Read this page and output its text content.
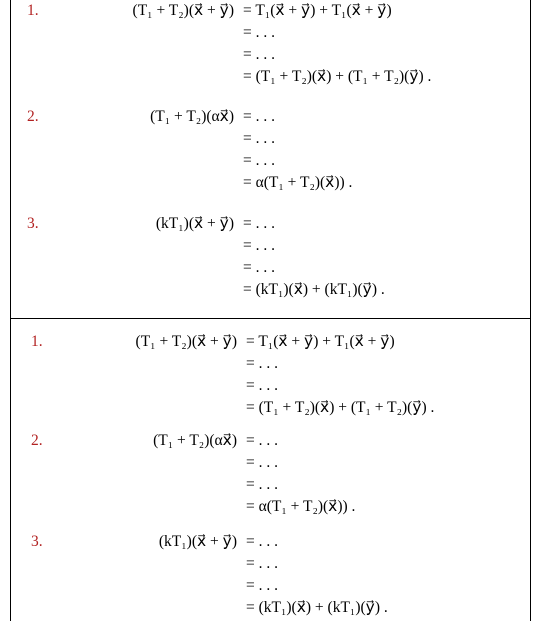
1.	(T₁ + T₂)(x⃗ + y⃗) = T₁(x⃗ + y⃗) + T₁(x⃗ + y⃗)
= . . .
= . . .
= (T₁ + T₂)(x⃗) + (T₁ + T₂)(y⃗) .
2.	(T₁ + T₂)(αx⃗) = . . .
= . . .
= . . .
= α(T₁ + T₂)(x⃗)) .
3.	(kT₁)(x⃗ + y⃗) = . . .
= . . .
= . . .
= (kT₁)(x⃗) + (kT₁)(y⃗) .
1.	(T₁ + T₂)(x⃗ + y⃗) = T₁(x⃗ + y⃗) + T₁(x⃗ + y⃗)
= . . .
= . . .
= (T₁ + T₂)(x⃗) + (T₁ + T₂)(y⃗) .
2.	(T₁ + T₂)(αx⃗) = . . .
= . . .
= . . .
= α(T₁ + T₂)(x⃗)) .
3.	(kT₁)(x⃗ + y⃗) = . . .
= . . .
= . . .
= (kT₁)(x⃗) + (kT₁)(y⃗) .
